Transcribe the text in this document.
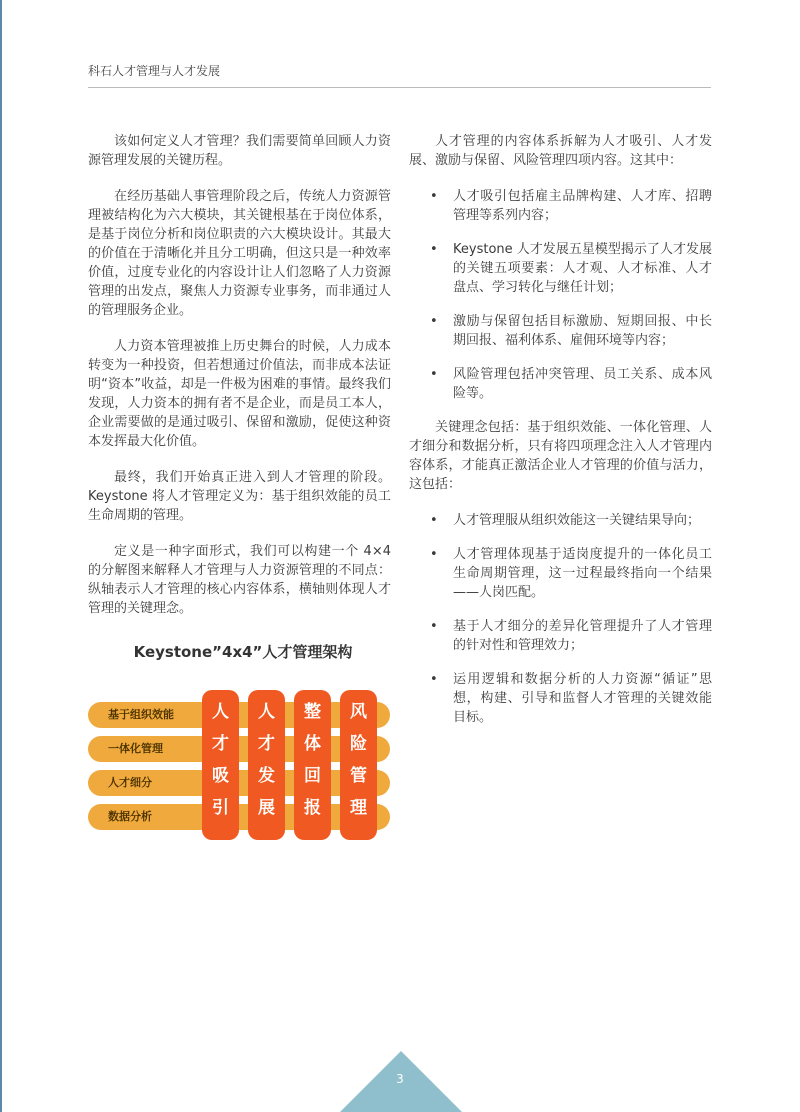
科石人才管理与人才发展

该如何定义人才管理？我们需要简单回顾人力资源管理发展的关键历程。

在经历基础人事管理阶段之后，传统人力资源管理被结构化为六大模块，其关键根基在于岗位体系，是基于岗位分析和岗位职责的六大模块设计。其最大的价值在于清晰化并且分工明确，但这只是一种效率价值，过度专业化的内容设计让人们忽略了人力资源管理的出发点，聚焦人力资源专业事务，而非通过人的管理服务企业。

人力资本管理被推上历史舞台的时候，人力成本转变为一种投资，但若想通过价值法，而非成本法证明“资本”收益，却是一件极为困难的事情。最终我们发现，人力资本的拥有者不是企业，而是员工本人，企业需要做的是通过吸引、保留和激励，促使这种资本发挥最大化价值。

最终，我们开始真正进入到人才管理的阶段。Keystone 将人才管理定义为：基于组织效能的员工生命周期的管理。

定义是一种字面形式，我们可以构建一个 4×4 的分解图来解释人才管理与人力资源管理的不同点：纵轴表示人才管理的核心内容体系，横轴则体现人才管理的关键理念。

Keystone”4x4”人才管理架构
基于组织效能
一体化管理
人才细分
数据分析
人
才
吸
引
人
才
发
展
整
体
回
报
风
险
管
理

人才管理的内容体系拆解为人才吸引、人才发展、激励与保留、风险管理四项内容。这其中：

• 人才吸引包括雇主品牌构建、人才库、招聘管理等系列内容；
• Keystone 人才发展五星模型揭示了人才发展的关键五项要素：人才观、人才标准、人才盘点、学习转化与继任计划；
• 激励与保留包括目标激励、短期回报、中长期回报、福利体系、雇佣环境等内容；
• 风险管理包括冲突管理、员工关系、成本风险等。

关键理念包括：基于组织效能、一体化管理、人才细分和数据分析，只有将四项理念注入人才管理内容体系，才能真正激活企业人才管理的价值与活力，这包括：

• 人才管理服从组织效能这一关键结果导向；
• 人才管理体现基于适岗度提升的一体化员工生命周期管理，这一过程最终指向一个结果——人岗匹配。
• 基于人才细分的差异化管理提升了人才管理的针对性和管理效力；
• 运用逻辑和数据分析的人力资源“循证”思想，构建、引导和监督人才管理的关键效能目标。
3
